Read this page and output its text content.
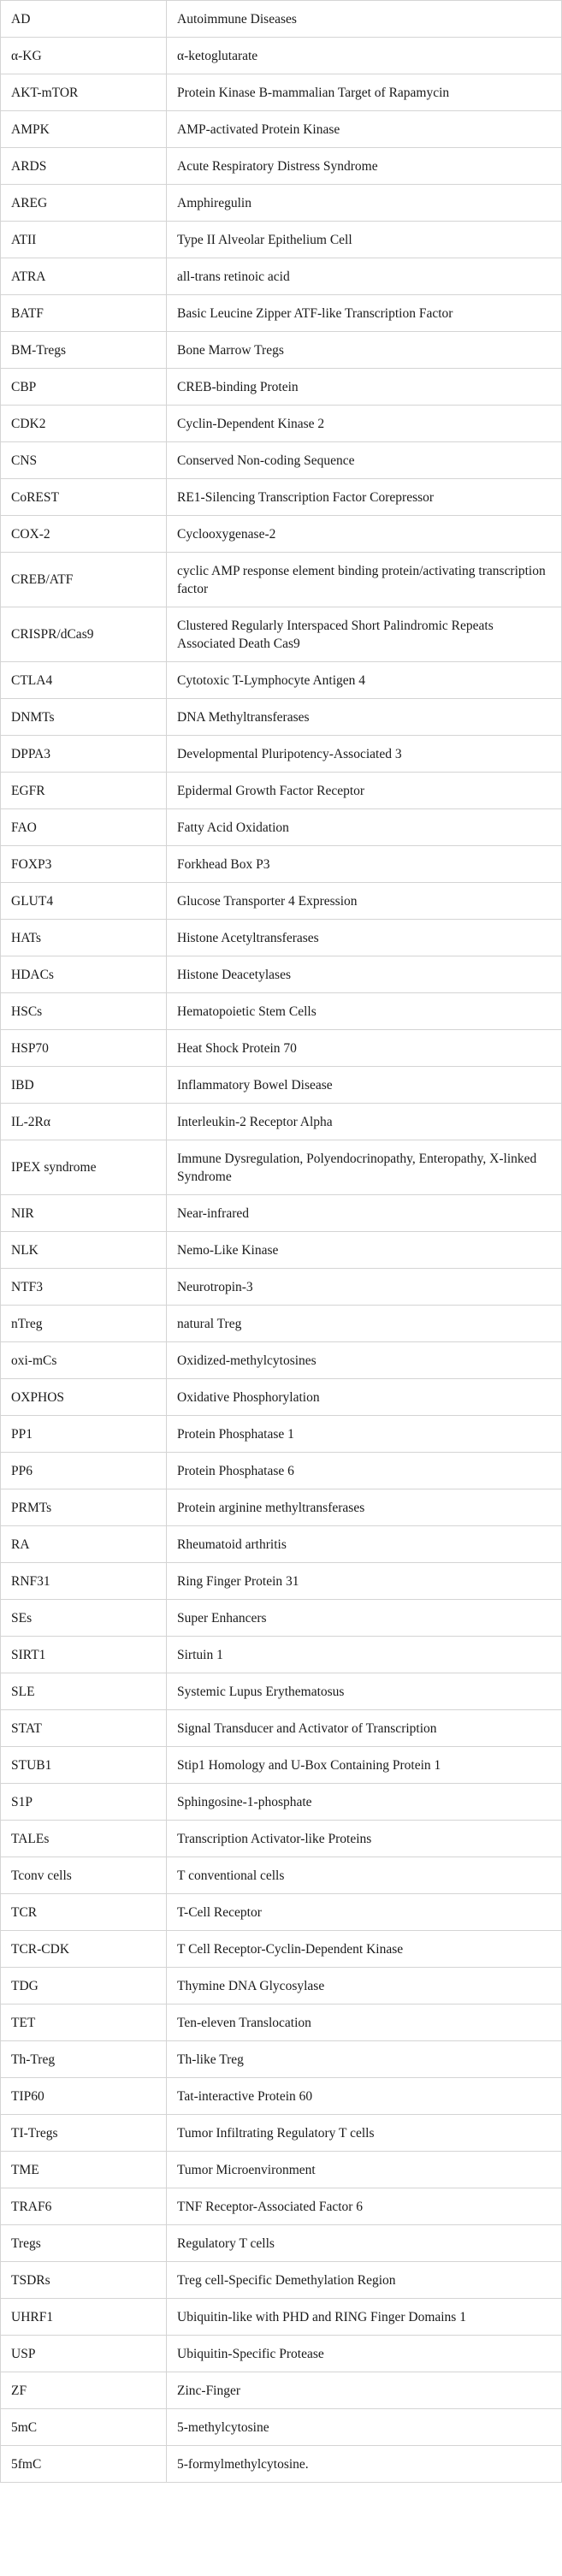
AD	Autoimmune Diseases
α-KG	α-ketoglutarate
AKT-mTOR	Protein Kinase B-mammalian Target of Rapamycin
AMPK	AMP-activated Protein Kinase
ARDS	Acute Respiratory Distress Syndrome
AREG	Amphiregulin
ATII	Type II Alveolar Epithelium Cell
ATRA	all-trans retinoic acid
BATF	Basic Leucine Zipper ATF-like Transcription Factor
BM-Tregs	Bone Marrow Tregs
CBP	CREB-binding Protein
CDK2	Cyclin-Dependent Kinase 2
CNS	Conserved Non-coding Sequence
CoREST	RE1-Silencing Transcription Factor Corepressor
COX-2	Cyclooxygenase-2
CREB/ATF	cyclic AMP response element binding protein/activating transcription factor
CRISPR/dCas9	Clustered Regularly Interspaced Short Palindromic Repeats Associated Death Cas9
CTLA4	Cytotoxic T-Lymphocyte Antigen 4
DNMTs	DNA Methyltransferases
DPPA3	Developmental Pluripotency-Associated 3
EGFR	Epidermal Growth Factor Receptor
FAO	Fatty Acid Oxidation
FOXP3	Forkhead Box P3
GLUT4	Glucose Transporter 4 Expression
HATs	Histone Acetyltransferases
HDACs	Histone Deacetylases
HSCs	Hematopoietic Stem Cells
HSP70	Heat Shock Protein 70
IBD	Inflammatory Bowel Disease
IL-2Rα	Interleukin-2 Receptor Alpha
IPEX syndrome	Immune Dysregulation, Polyendocrinopathy, Enteropathy, X-linked Syndrome
NIR	Near-infrared
NLK	Nemo-Like Kinase
NTF3	Neurotropin-3
nTreg	natural Treg
oxi-mCs	Oxidized-methylcytosines
OXPHOS	Oxidative Phosphorylation
PP1	Protein Phosphatase 1
PP6	Protein Phosphatase 6
PRMTs	Protein arginine methyltransferases
RA	Rheumatoid arthritis
RNF31	Ring Finger Protein 31
SEs	Super Enhancers
SIRT1	Sirtuin 1
SLE	Systemic Lupus Erythematosus
STAT	Signal Transducer and Activator of Transcription
STUB1	Stip1 Homology and U-Box Containing Protein 1
S1P	Sphingosine-1-phosphate
TALEs	Transcription Activator-like Proteins
Tconv cells	T conventional cells
TCR	T-Cell Receptor
TCR-CDK	T Cell Receptor-Cyclin-Dependent Kinase
TDG	Thymine DNA Glycosylase
TET	Ten-eleven Translocation
Th-Treg	Th-like Treg
TIP60	Tat-interactive Protein 60
TI-Tregs	Tumor Infiltrating Regulatory T cells
TME	Tumor Microenvironment
TRAF6	TNF Receptor-Associated Factor 6
Tregs	Regulatory T cells
TSDRs	Treg cell-Specific Demethylation Region
UHRF1	Ubiquitin-like with PHD and RING Finger Domains 1
USP	Ubiquitin-Specific Protease
ZF	Zinc-Finger
5mC	5-methylcytosine
5fmC	5-formylmethylcytosine.
